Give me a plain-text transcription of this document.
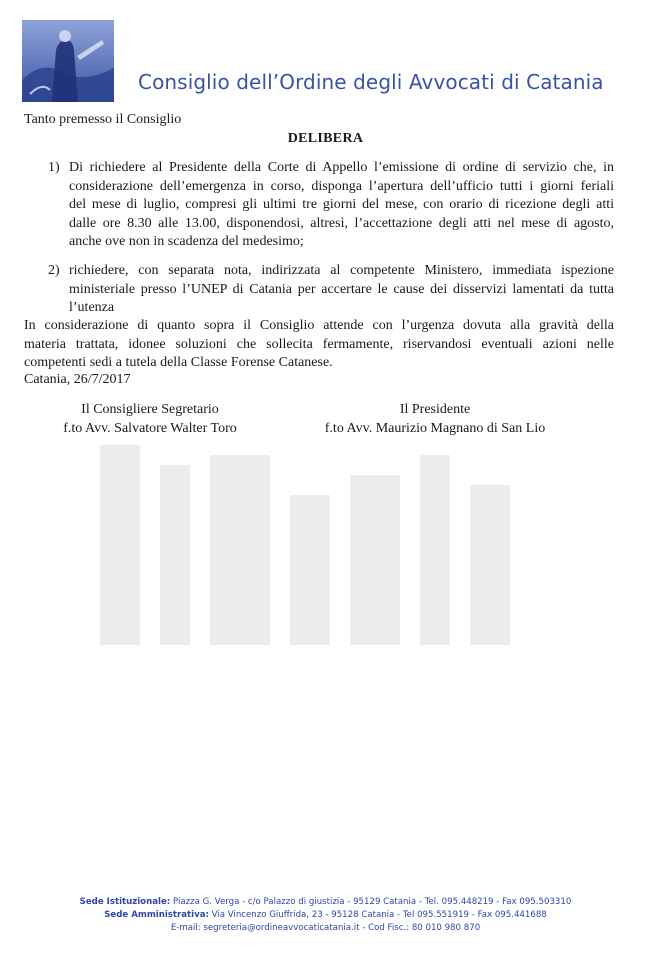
Consiglio dell’Ordine degli Avvocati di Catania
Tanto premesso il Consiglio
DELIBERA
1) Di richiedere al Presidente della Corte di Appello l’emissione di ordine di servizio che, in
considerazione dell’emergenza in corso, disponga l’apertura dell’ufficio tutti i giorni feriali
del mese di luglio, compresi gli ultimi tre giorni del mese, con orario di ricezione degli atti
dalle ore 8.30 alle 13.00, disponendosi, altresì, l’accettazione degli atti nel mese di agosto,
anche ove non in scadenza del medesimo;
2) richiedere, con separata nota, indirizzata al competente Ministero, immediata ispezione
ministeriale presso l’UNEP di Catania per accertare le cause dei disservizi lamentati da tutta
l’utenza
In considerazione di quanto sopra il Consiglio attende con l’urgenza dovuta alla gravità della
materia trattata, idonee soluzioni che sollecita fermamente, riservandosi eventuali azioni nelle
competenti sedi a tutela della Classe Forense Catanese.
Catania, 26/7/2017
Il Consigliere Segretario
f.to Avv. Salvatore Walter Toro
Il Presidente
f.to Avv. Maurizio Magnano di San Lio
Sede Istituzionale: Piazza G. Verga - c/o Palazzo di giustizia - 95129 Catania - Tel. 095.448219 - Fax 095.503310
Sede Amministrativa: Via Vincenzo Giuffrida, 23 - 95128 Catania - Tel 095.551919 - Fax 095.441688
E-mail: segreteria@ordineavvocaticatania.it - Cod Fisc.: 80 010 980 870
